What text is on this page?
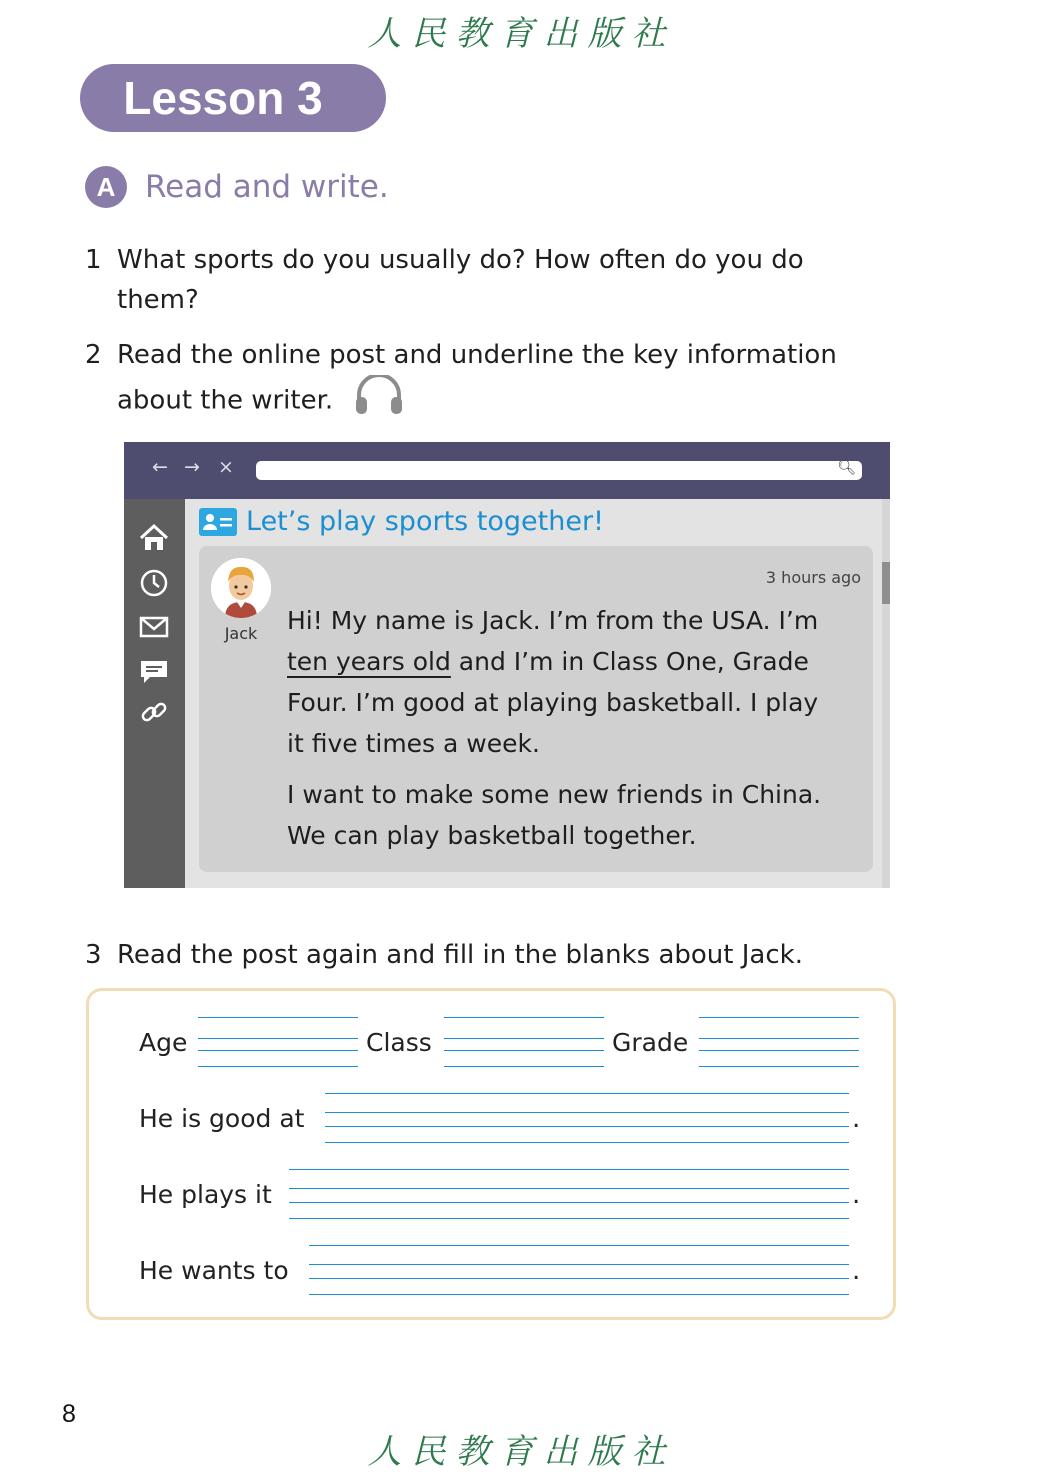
人民教育出版社
Lesson 3
A Read and write.
1 What sports do you usually do? How often do you do
them?
2 Read the online post and underline the key information
about the writer.
← → ×	🔍︎
Let’s play sports together!
Jack
3 hours ago

Hi! My name is Jack. I’m from the USA. I’m
ten years old and I’m in Class One, Grade
Four. I’m good at playing basketball. I play
it five times a week.

I want to make some new friends in China.
We can play basketball together.

3 Read the post again and fill in the blanks about Jack.
Age	Class	Grade
He is good at	.
He plays it	.
He wants to	.
8
人民教育出版社
